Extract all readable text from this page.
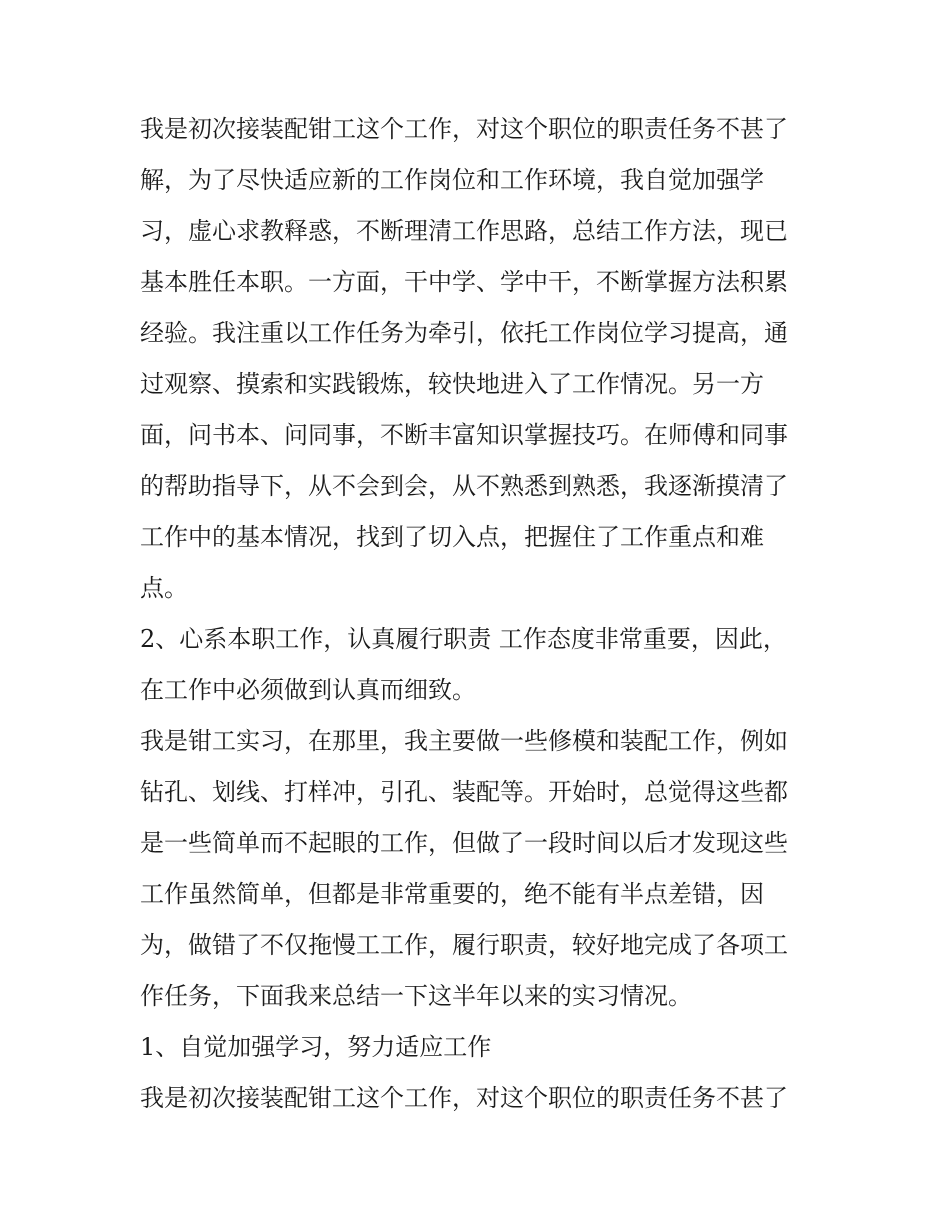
我是初次接装配钳工这个工作，对这个职位的职责任务不甚了
解，为了尽快适应新的工作岗位和工作环境，我自觉加强学
习，虚心求教释惑，不断理清工作思路，总结工作方法，现已
基本胜任本职。一方面，干中学、学中干，不断掌握方法积累
经验。我注重以工作任务为牵引，依托工作岗位学习提高，通
过观察、摸索和实践锻炼，较快地进入了工作情况。另一方
面，问书本、问同事，不断丰富知识掌握技巧。在师傅和同事
的帮助指导下，从不会到会，从不熟悉到熟悉，我逐渐摸清了
工作中的基本情况，找到了切入点，把握住了工作重点和难
点。
2、心系本职工作，认真履行职责 工作态度非常重要，因此，
在工作中必须做到认真而细致。
我是钳工实习，在那里，我主要做一些修模和装配工作，例如
钻孔、划线、打样冲，引孔、装配等。开始时，总觉得这些都
是一些简单而不起眼的工作，但做了一段时间以后才发现这些
工作虽然简单，但都是非常重要的，绝不能有半点差错，因
为，做错了不仅拖慢工工作，履行职责，较好地完成了各项工
作任务，下面我来总结一下这半年以来的实习情况。
1、自觉加强学习，努力适应工作
我是初次接装配钳工这个工作，对这个职位的职责任务不甚了
